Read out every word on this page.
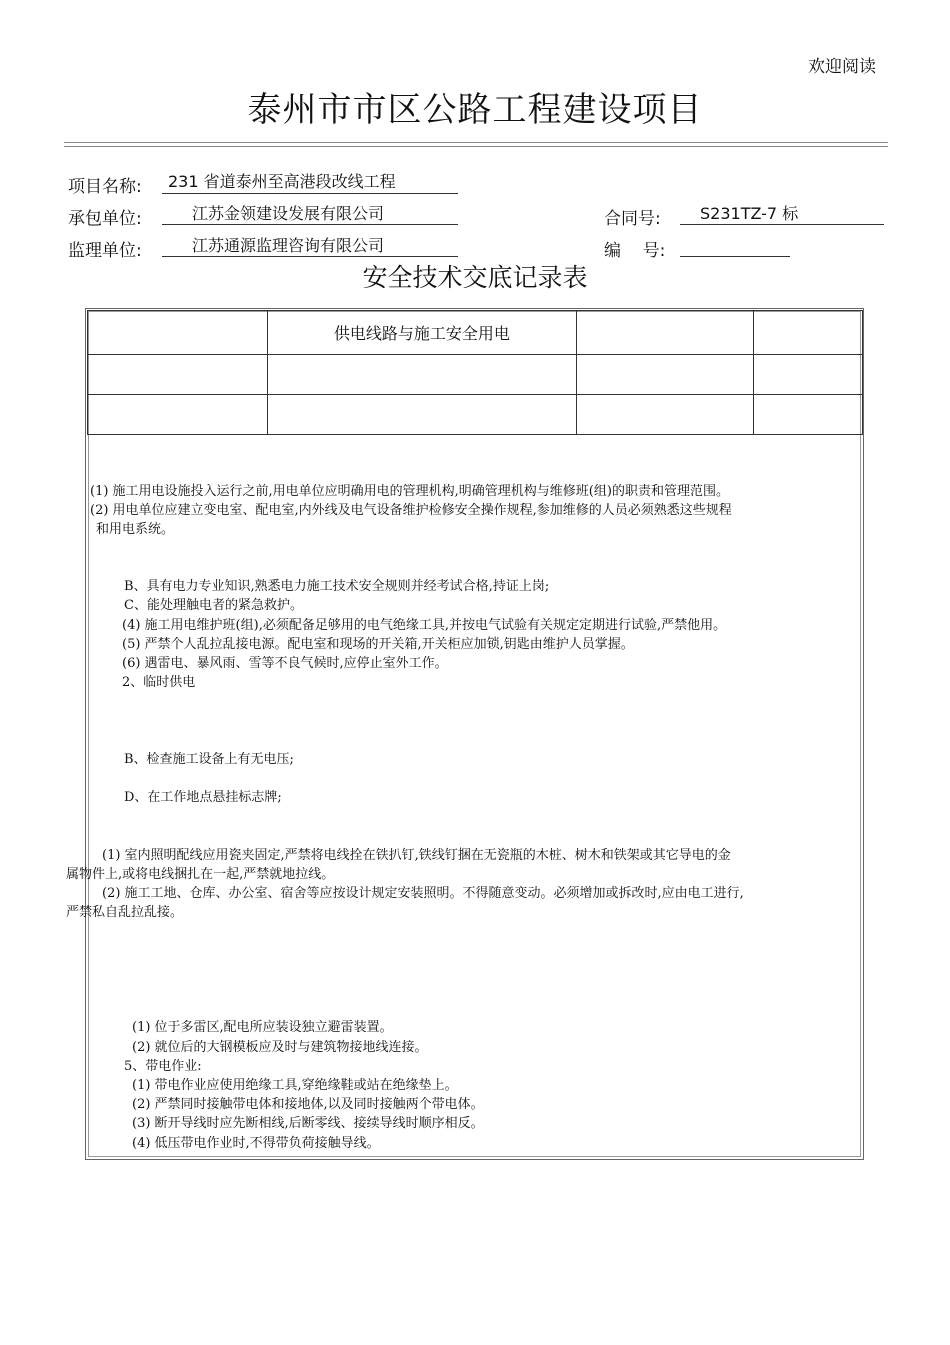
欢迎阅读
泰州市市区公路工程建设项目
项目名称:	231 省道泰州至高港段改线工程
承包单位:	江苏金领建设发展有限公司
监理单位:	江苏通源监理咨询有限公司
合同号:	S231TZ-7 标
编    号:
安全技术交底记录表
	供电线路与施工安全用电		

(1) 施工用电设施投入运行之前,用电单位应明确用电的管理机构,明确管理机构与维修班(组)的职责和管理范围。
(2) 用电单位应建立变电室、配电室,内外线及电气设备维护检修安全操作规程,参加维修的人员必须熟悉这些规程
和用电系统。
B、具有电力专业知识,熟悉电力施工技术安全规则并经考试合格,持证上岗;
C、能处理触电者的紧急救护。
(4) 施工用电维护班(组),必须配备足够用的电气绝缘工具,并按电气试验有关规定定期进行试验,严禁他用。
(5) 严禁个人乱拉乱接电源。配电室和现场的开关箱,开关柜应加锁,钥匙由维护人员掌握。
(6) 遇雷电、暴风雨、雪等不良气候时,应停止室外工作。
2、临时供电
B、检查施工设备上有无电压;
D、在工作地点悬挂标志牌;
(1) 室内照明配线应用瓷夹固定,严禁将电线拴在铁扒钉,铁线钉捆在无瓷瓶的木桩、树木和铁架或其它导电的金
属物件上,或将电线捆扎在一起,严禁就地拉线。
(2) 施工工地、仓库、办公室、宿舍等应按设计规定安装照明。不得随意变动。必须增加或拆改时,应由电工进行,
严禁私自乱拉乱接。
(1) 位于多雷区,配电所应装设独立避雷装置。
(2) 就位后的大钢模板应及时与建筑物接地线连接。
5、带电作业:
(1) 带电作业应使用绝缘工具,穿绝缘鞋或站在绝缘垫上。
(2) 严禁同时接触带电体和接地体,以及同时接触两个带电体。
(3) 断开导线时应先断相线,后断零线、接续导线时顺序相反。
(4) 低压带电作业时,不得带负荷接触导线。
